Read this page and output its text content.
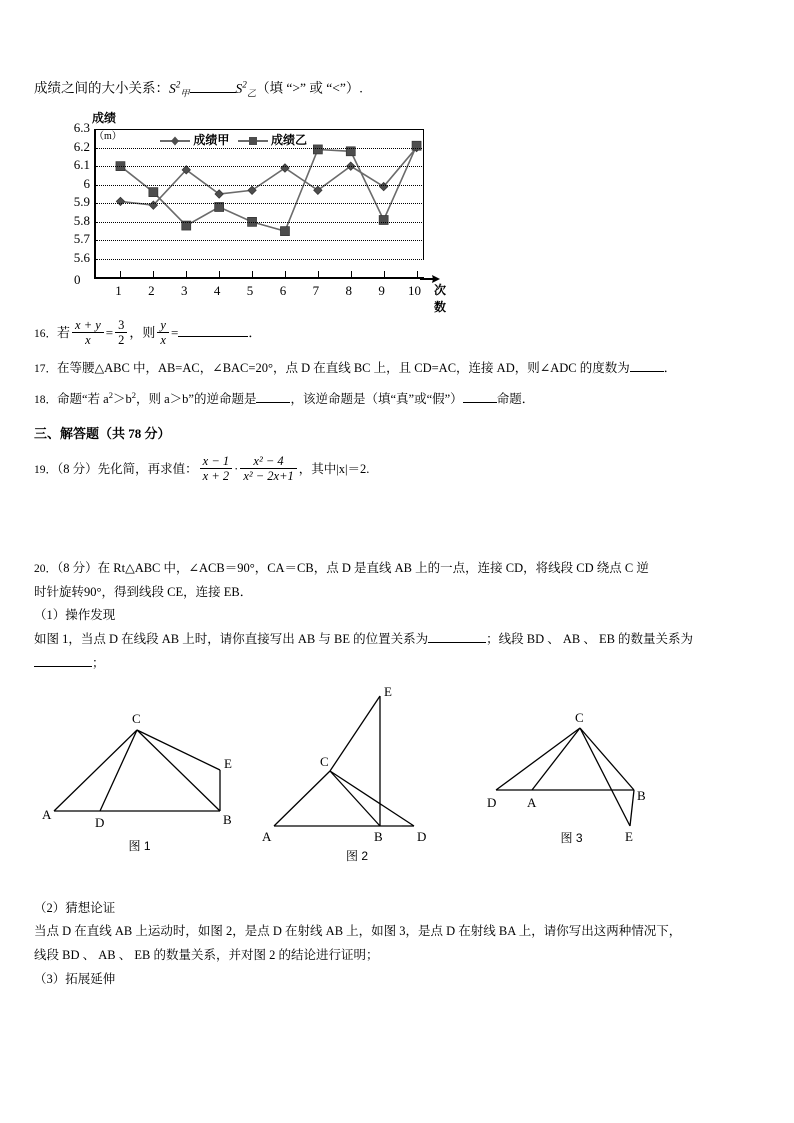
成绩之间的大小关系：$S^2_甲$	$S^2_乙$（填 “>” 或 “<”）.
成绩
（m）
6.3
6.2
6.1
6
5.9
5.8
5.7
5.6
0
1	2	3	4	5	6	7	8	9	10 次数
成绩甲	成绩乙
16．若 $\frac{x + y}{x} = \frac{3}{2}$ ，则 $\frac{y}{x}$ =	．
17．在等腰△ABC 中，AB=AC，∠BAC=20°，点 D 在直线 BC 上，且 CD=AC，连接 AD，则∠ADC 的度数为	．
18．命题“若 $a^2>b^2$，则 a＞b”的逆命题是	，该逆命题是（填“真”或“假”）	命题．
三、解答题（共 78 分）
19．（8 分）先化简，再求值： $\frac{x - 1}{x + 2} \cdot \frac{\text{x² − 4}}{\text{x² − 2x+1}}$ ，其中|x|＝2.
20．（8 分）在 Rt△ABC 中，∠ACB＝90°，CA＝CB，点 D 是直线 AB 上的一点，连接 CD，将线段 CD 绕点 C 逆
时针旋转90°，得到线段 CE，连接 EB．
（1）操作发现
如图 1，当点 D 在线段 AB 上时，请你直接写出 AB 与 BE 的位置关系为	；线段 BD 、 AB 、 EB 的数量关系为
；
A
C
D	B
E
图 1
A
C
B	D
E
图 2
D A
C
B
E
图 3
（2）猜想论证
当点 D 在直线 AB 上运动时，如图 2，是点 D 在射线 AB 上，如图 3，是点 D 在射线 BA 上，请你写出这两种情况下，
线段 BD 、 AB 、 EB 的数量关系，并对图 2 的结论进行证明；
（3）拓展延伸
